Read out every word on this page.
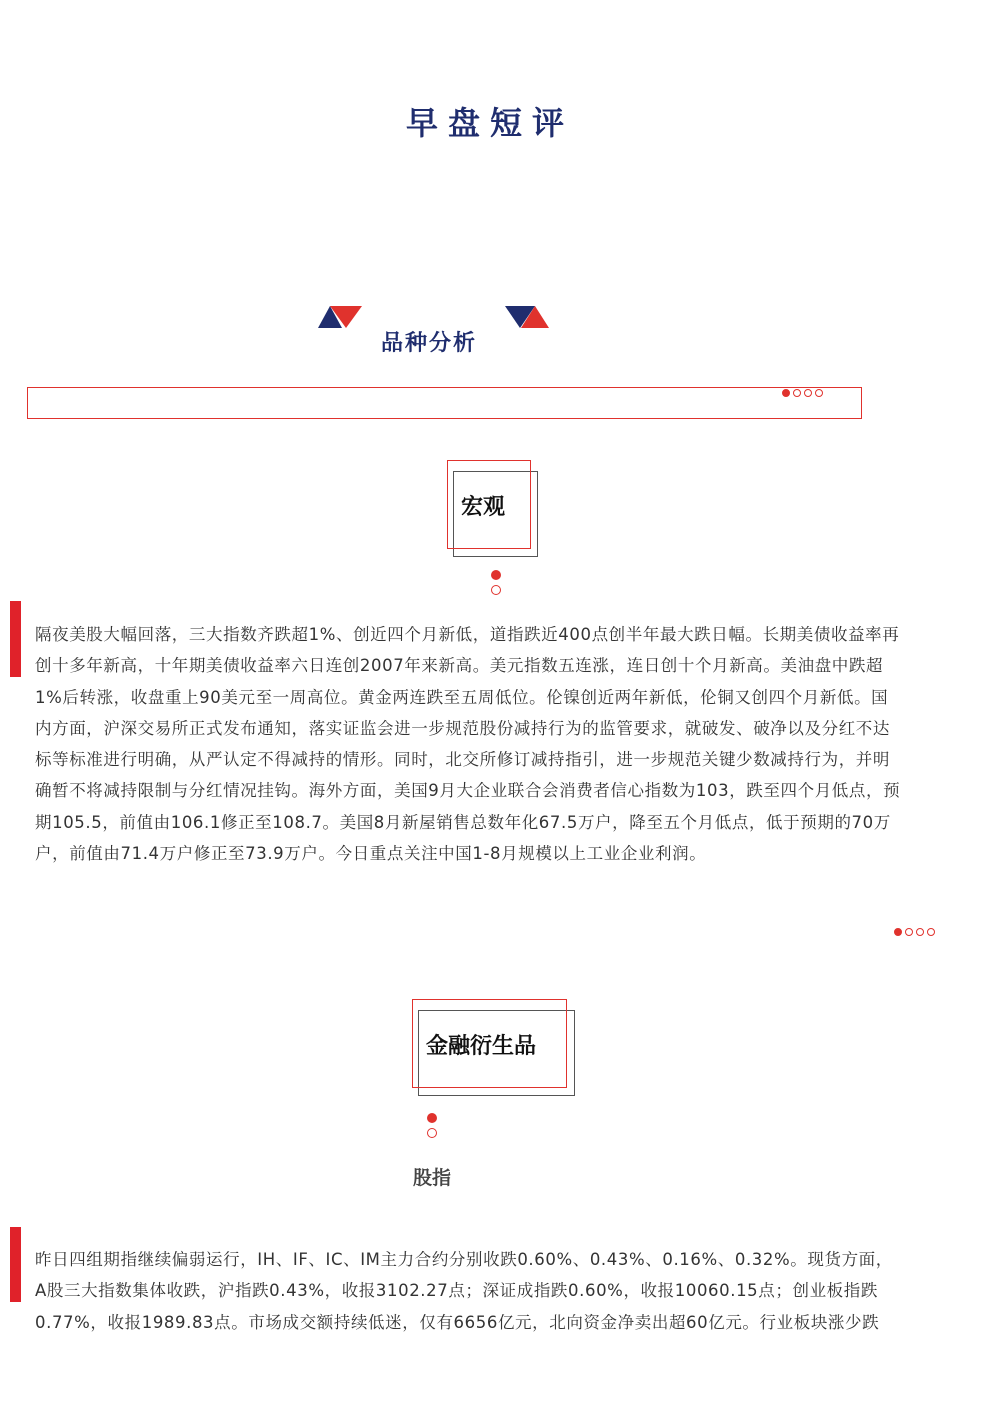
早盘短评
品种分析
宏观
隔夜美股大幅回落，三大指数齐跌超1%、创近四个月新低，道指跌近400点创半年最大跌日幅。长期美债收益率再
创十多年新高，十年期美债收益率六日连创2007年来新高。美元指数五连涨，连日创十个月新高。美油盘中跌超
1%后转涨，收盘重上90美元至一周高位。黄金两连跌至五周低位。伦镍创近两年新低，伦铜又创四个月新低。国
内方面，沪深交易所正式发布通知，落实证监会进一步规范股份减持行为的监管要求，就破发、破净以及分红不达
标等标准进行明确，从严认定不得减持的情形。同时，北交所修订减持指引，进一步规范关键少数减持行为，并明
确暂不将减持限制与分红情况挂钩。海外方面，美国9月大企业联合会消费者信心指数为103，跌至四个月低点，预
期105.5，前值由106.1修正至108.7。美国8月新屋销售总数年化67.5万户，降至五个月低点，低于预期的70万
户，前值由71.4万户修正至73.9万户。今日重点关注中国1-8月规模以上工业企业利润。
金融衍生品
股指
昨日四组期指继续偏弱运行，IH、IF、IC、IM主力合约分别收跌0.60%、0.43%、0.16%、0.32%。现货方面，
A股三大指数集体收跌，沪指跌0.43%，收报3102.27点；深证成指跌0.60%，收报10060.15点；创业板指跌
0.77%，收报1989.83点。市场成交额持续低迷，仅有6656亿元，北向资金净卖出超60亿元。行业板块涨少跌
